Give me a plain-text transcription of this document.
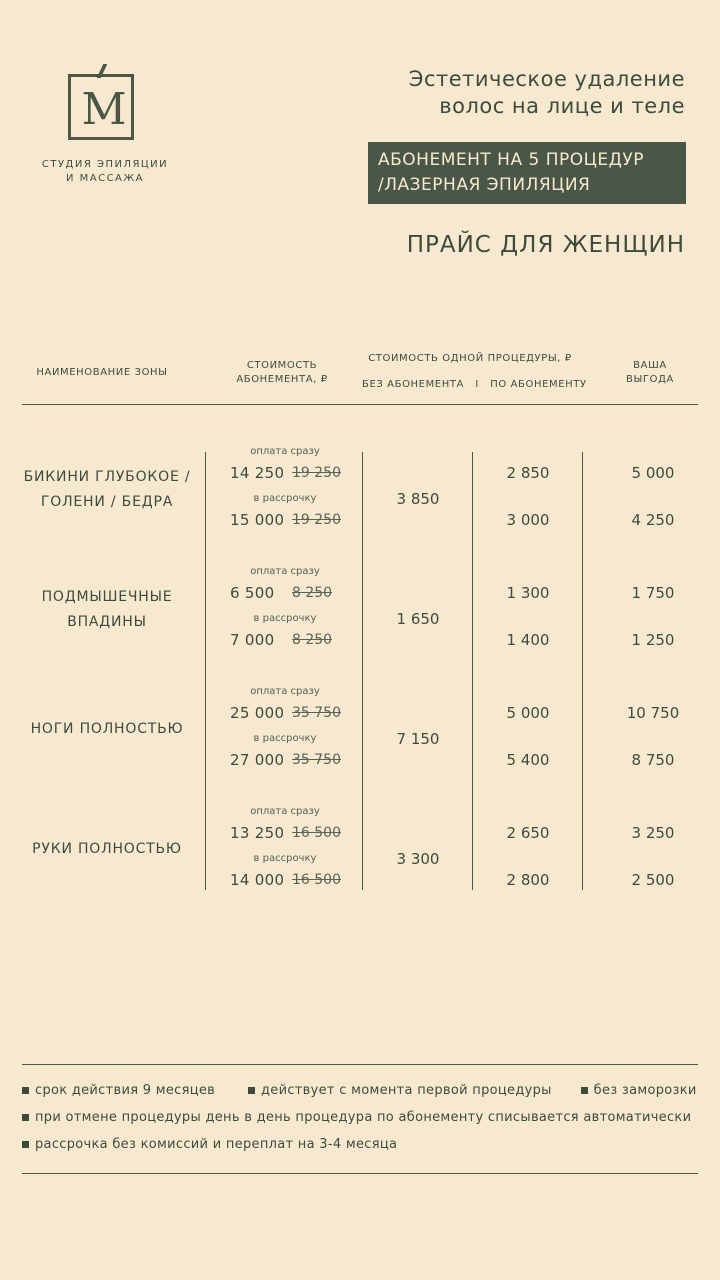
M
СТУДИЯ ЭПИЛЯЦИИ
И МАССАЖА
Эстетическое удаление
волос на лице и теле
АБОНЕМЕНТ НА 5 ПРОЦЕДУР
/ЛАЗЕРНАЯ ЭПИЛЯЦИЯ
ПРАЙС ДЛЯ ЖЕНЩИН
НАИМЕНОВАНИЕ ЗОНЫ
СТОИМОСТЬ
АБОНЕМЕНТА, ₽
СТОИМОСТЬ ОДНОЙ ПРОЦЕДУРЫ, ₽
БЕЗ АБОНЕМЕНТА   I   ПО АБОНЕМЕНТУ
ВАША
ВЫГОДА
БИКИНИ ГЛУБОКОЕ /
ГОЛЕНИ / БЕДРА
оплата сразу
14 250 19 250
в рассрочку
15 000 19 250
3 850
2 850
3 000
5 000
4 250
ПОДМЫШЕЧНЫЕ
ВПАДИНЫ
оплата сразу
6 500 8 250
в рассрочку
7 000 8 250
1 650
1 300
1 400
1 750
1 250
НОГИ ПОЛНОСТЬЮ
оплата сразу
25 000 35 750
в рассрочку
27 000 35 750
7 150
5 000
5 400
10 750
8 750
РУКИ ПОЛНОСТЬЮ
оплата сразу
13 250 16 500
в рассрочку
14 000 16 500
3 300
2 650
2 800
3 250
2 500
срок действия 9 месяцев	действует с момента первой процедуры	без заморозки
при отмене процедуры день в день процедура по абонементу списывается автоматически
рассрочка без комиссий и переплат на 3-4 месяца
